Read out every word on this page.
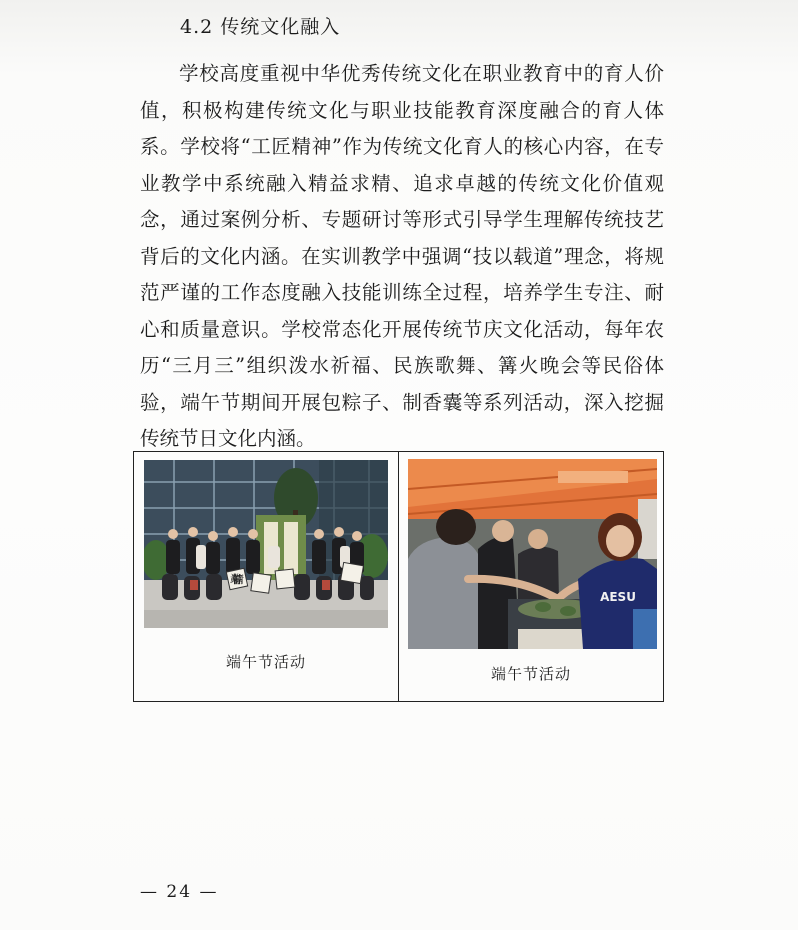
4.2 传统文化融入

学校高度重视中华优秀传统文化在职业教育中的育人价值，积极构建传统文化与职业技能教育深度融合的育人体系。学校将“工匠精神”作为传统文化育人的核心内容，在专业教学中系统融入精益求精、追求卓越的传统文化价值观念，通过案例分析、专题研讨等形式引导学生理解传统技艺背后的文化内涵。在实训教学中强调“技以载道”理念，将规范严谨的工作态度融入技能训练全过程，培养学生专注、耐心和质量意识。学校常态化开展传统节庆文化活动，每年农历“三月三”组织泼水祈福、民族歌舞、篝火晚会等民俗体验，端午节期间开展包粽子、制香囊等系列活动，深入挖掘传统节日文化内涵。

端午粽情
端午节活动
AESU
端午节活动
— 24 —
